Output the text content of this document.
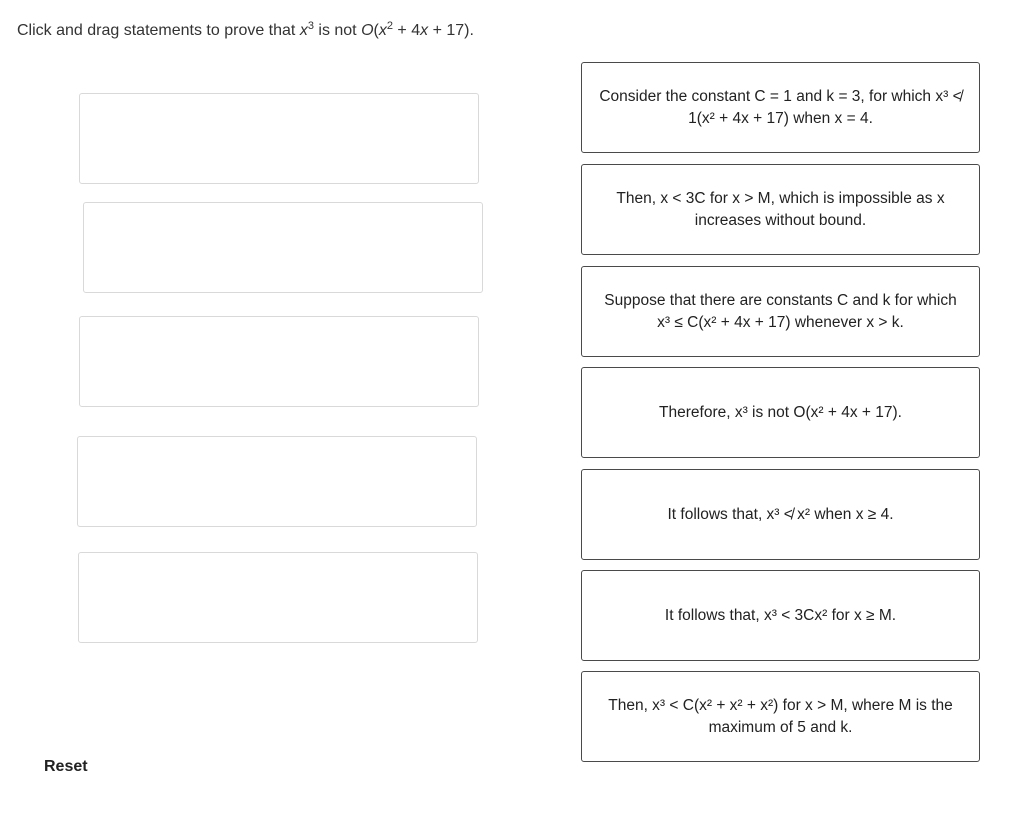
Click and drag statements to prove that $x^3$ is not $O(x^2 + 4x + 17)$.
Consider the constant C = 1 and k = 3, for which x³ ≮ 1(x² + 4x + 17) when x = 4.
Then, x < 3C for x > M, which is impossible as x increases without bound.
Suppose that there are constants C and k for which x³ ≤ C(x² + 4x + 17) whenever x > k.
Therefore, x³ is not O(x² + 4x + 17).
It follows that, x³ ≮ x² when x ≥ 4.
It follows that, x³ < 3Cx² for x ≥ M.
Then, x³ < C(x² + x² + x²) for x > M, where M is the maximum of 5 and k.
Reset
